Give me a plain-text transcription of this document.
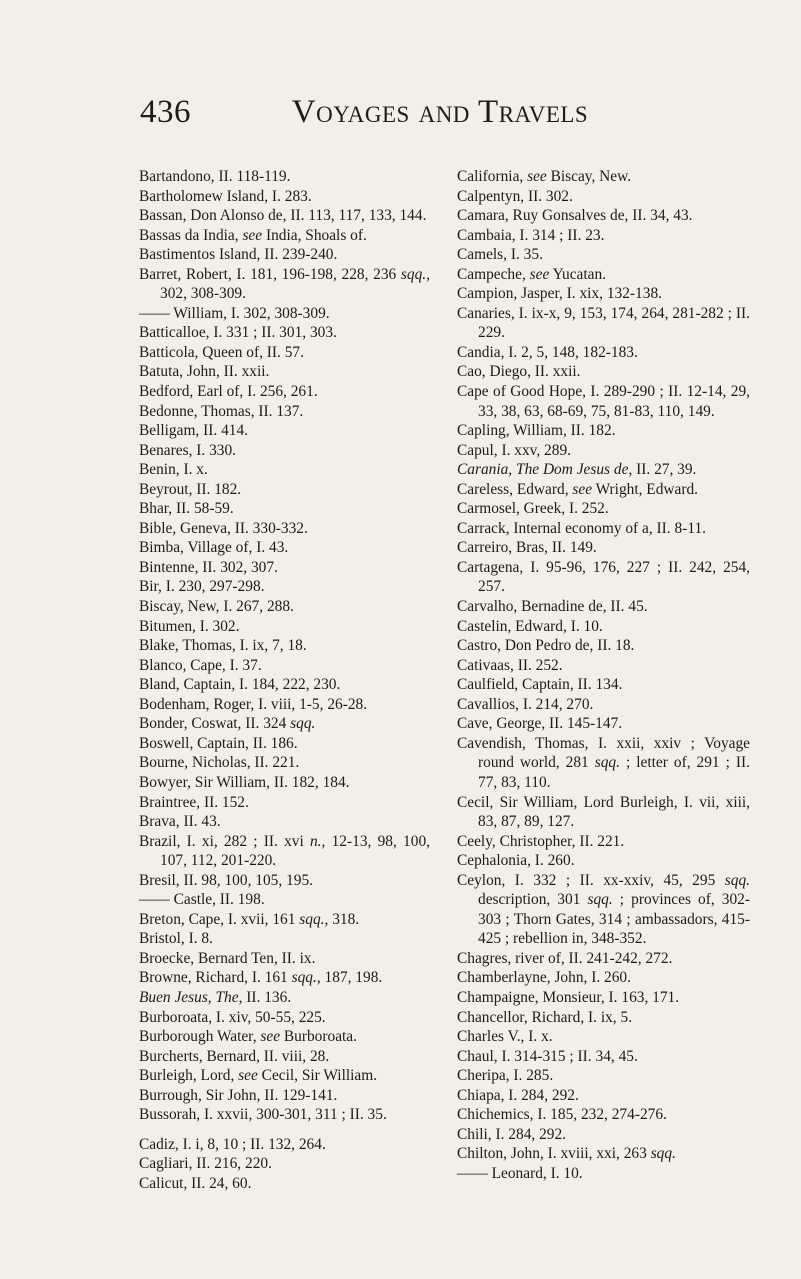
436	Voyages and Travels
Bartandono, II. 118-119.
Bartholomew Island, I. 283.
Bassan, Don Alonso de, II. 113, 117, 133, 144.
Bassas da India, see India, Shoals of.
Bastimentos Island, II. 239-240.
Barret, Robert, I. 181, 196-198, 228, 236 sqq., 302, 308-309.
—— William, I. 302, 308-309.
Batticalloe, I. 331 ; II. 301, 303.
Batticola, Queen of, II. 57.
Batuta, John, II. xxii.
Bedford, Earl of, I. 256, 261.
Bedonne, Thomas, II. 137.
Belligam, II. 414.
Benares, I. 330.
Benin, I. x.
Beyrout, II. 182.
Bhar, II. 58-59.
Bible, Geneva, II. 330-332.
Bimba, Village of, I. 43.
Bintenne, II. 302, 307.
Bir, I. 230, 297-298.
Biscay, New, I. 267, 288.
Bitumen, I. 302.
Blake, Thomas, I. ix, 7, 18.
Blanco, Cape, I. 37.
Bland, Captain, I. 184, 222, 230.
Bodenham, Roger, I. viii, 1-5, 26-28.
Bonder, Coswat, II. 324 sqq.
Boswell, Captain, II. 186.
Bourne, Nicholas, II. 221.
Bowyer, Sir William, II. 182, 184.
Braintree, II. 152.
Brava, II. 43.
Brazil, I. xi, 282 ; II. xvi n., 12-13, 98, 100, 107, 112, 201-220.
Bresil, II. 98, 100, 105, 195.
—— Castle, II. 198.
Breton, Cape, I. xvii, 161 sqq., 318.
Bristol, I. 8.
Broecke, Bernard Ten, II. ix.
Browne, Richard, I. 161 sqq., 187, 198.
Buen Jesus, The, II. 136.
Burboroata, I. xiv, 50-55, 225.
Burborough Water, see Burboroata.
Burcherts, Bernard, II. viii, 28.
Burleigh, Lord, see Cecil, Sir William.
Burrough, Sir John, II. 129-141.
Bussorah, I. xxvii, 300-301, 311 ; II. 35.
Cadiz, I. i, 8, 10 ; II. 132, 264.
Cagliari, II. 216, 220.
Calicut, II. 24, 60.
California, see Biscay, New.
Calpentyn, II. 302.
Camara, Ruy Gonsalves de, II. 34, 43.
Cambaia, I. 314 ; II. 23.
Camels, I. 35.
Campeche, see Yucatan.
Campion, Jasper, I. xix, 132-138.
Canaries, I. ix-x, 9, 153, 174, 264, 281-282 ; II. 229.
Candia, I. 2, 5, 148, 182-183.
Cao, Diego, II. xxii.
Cape of Good Hope, I. 289-290 ; II. 12-14, 29, 33, 38, 63, 68-69, 75, 81-83, 110, 149.
Capling, William, II. 182.
Capul, I. xxv, 289.
Carania, The Dom Jesus de, II. 27, 39.
Careless, Edward, see Wright, Edward.
Carmosel, Greek, I. 252.
Carrack, Internal economy of a, II. 8-11.
Carreiro, Bras, II. 149.
Cartagena, I. 95-96, 176, 227 ; II. 242, 254, 257.
Carvalho, Bernadine de, II. 45.
Castelin, Edward, I. 10.
Castro, Don Pedro de, II. 18.
Cativaas, II. 252.
Caulfield, Captain, II. 134.
Cavallios, I. 214, 270.
Cave, George, II. 145-147.
Cavendish, Thomas, I. xxii, xxiv ; Voyage round world, 281 sqq. ; letter of, 291 ; II. 77, 83, 110.
Cecil, Sir William, Lord Burleigh, I. vii, xiii, 83, 87, 89, 127.
Ceely, Christopher, II. 221.
Cephalonia, I. 260.
Ceylon, I. 332 ; II. xx-xxiv, 45, 295 sqq. description, 301 sqq. ; provinces of, 302-303 ; Thorn Gates, 314 ; ambassadors, 415-425 ; rebellion in, 348-352.
Chagres, river of, II. 241-242, 272.
Chamberlayne, John, I. 260.
Champaigne, Monsieur, I. 163, 171.
Chancellor, Richard, I. ix, 5.
Charles V., I. x.
Chaul, I. 314-315 ; II. 34, 45.
Cheripa, I. 285.
Chiapa, I. 284, 292.
Chichemics, I. 185, 232, 274-276.
Chili, I. 284, 292.
Chilton, John, I. xviii, xxi, 263 sqq.
—— Leonard, I. 10.
